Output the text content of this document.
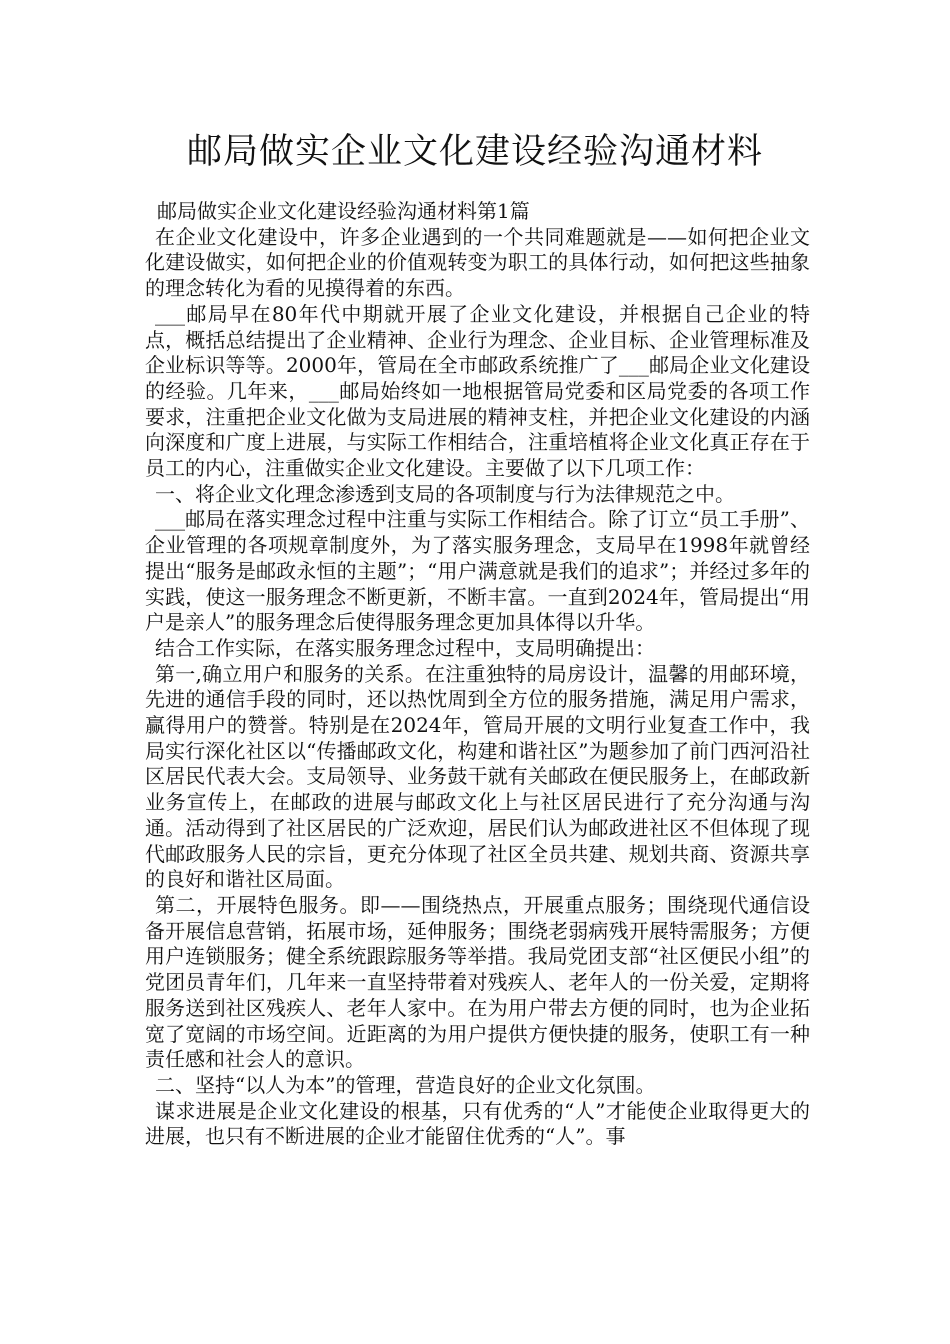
邮局做实企业文化建设经验沟通材料

邮局做实企业文化建设经验沟通材料第1篇

在企业文化建设中，许多企业遇到的一个共同难题就是——如何把企业文化建设做实，如何把企业的价值观转变为职工的具体行动，如何把这些抽象的理念转化为看的见摸得着的东西。

___邮局早在80年代中期就开展了企业文化建设，并根据自己企业的特点，概括总结提出了企业精神、企业行为理念、企业目标、企业管理标准及企业标识等等。2000年，管局在全市邮政系统推广了___邮局企业文化建设的经验。几年来，___邮局始终如一地根据管局党委和区局党委的各项工作要求，注重把企业文化做为支局进展的精神支柱，并把企业文化建设的内涵向深度和广度上进展，与实际工作相结合，注重培植将企业文化真正存在于员工的内心，注重做实企业文化建设。主要做了以下几项工作：

一、将企业文化理念渗透到支局的各项制度与行为法律规范之中。

___邮局在落实理念过程中注重与实际工作相结合。除了订立“员工手册”、企业管理的各项规章制度外，为了落实服务理念，支局早在1998年就曾经提出“服务是邮政永恒的主题”；“用户满意就是我们的追求”；并经过多年的实践，使这一服务理念不断更新，不断丰富。一直到2024年，管局提出“用户是亲人”的服务理念后使得服务理念更加具体得以升华。

结合工作实际，在落实服务理念过程中，支局明确提出：

第一,确立用户和服务的关系。在注重独特的局房设计，温馨的用邮环境，先进的通信手段的同时，还以热忱周到全方位的服务措施，满足用户需求，赢得用户的赞誉。特别是在2024年，管局开展的文明行业复查工作中，我局实行深化社区以“传播邮政文化，构建和谐社区”为题参加了前门西河沿社区居民代表大会。支局领导、业务鼓干就有关邮政在便民服务上，在邮政新业务宣传上，在邮政的进展与邮政文化上与社区居民进行了充分沟通与沟通。活动得到了社区居民的广泛欢迎，居民们认为邮政进社区不但体现了现代邮政服务人民的宗旨，更充分体现了社区全员共建、规划共商、资源共享的良好和谐社区局面。

第二，开展特色服务。即——围绕热点，开展重点服务；围绕现代通信设备开展信息营销，拓展市场，延伸服务；围绕老弱病残开展特需服务；方便用户连锁服务；健全系统跟踪服务等举措。我局党团支部“社区便民小组”的党团员青年们，几年来一直坚持带着对残疾人、老年人的一份关爱，定期将服务送到社区残疾人、老年人家中。在为用户带去方便的同时，也为企业拓宽了宽阔的市场空间。近距离的为用户提供方便快捷的服务，使职工有一种责任感和社会人的意识。

二、坚持“以人为本”的管理，营造良好的企业文化氛围。

谋求进展是企业文化建设的根基，只有优秀的“人”才能使企业取得更大的进展，也只有不断进展的企业才能留住优秀的“人”。事
